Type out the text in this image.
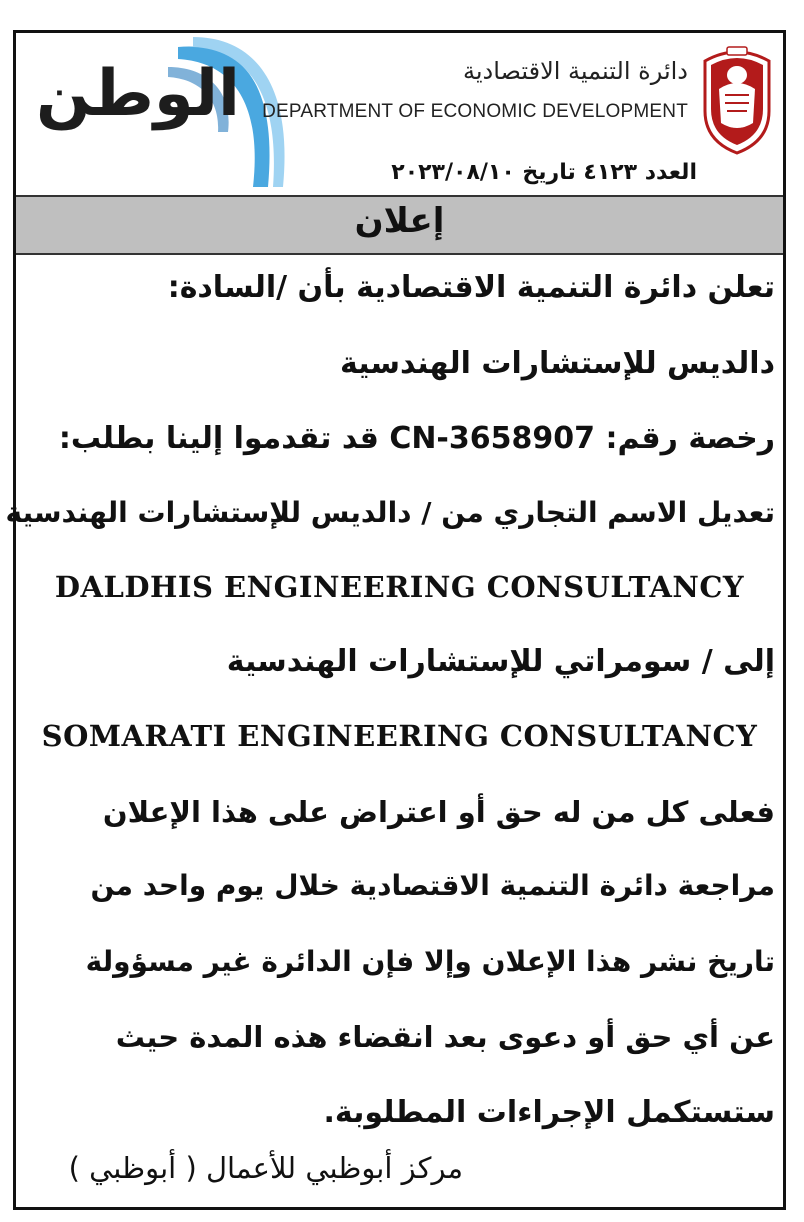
الوطن	دائرة التنمية الاقتصادية
DEPARTMENT OF ECONOMIC DEVELOPMENT
العدد ٤١٢٣ تاريخ ٢٠٢٣/٠٨/١٠
إعلان
تعلن دائرة التنمية الاقتصادية بأن /السادة:
دالديس للإستشارات الهندسية
رخصة رقم: CN-3658907 قد تقدموا إلينا بطلب:
تعديل الاسم التجاري من / دالديس للإستشارات الهندسية
DALDHIS ENGINEERING CONSULTANCY
إلى / سومراتي للإستشارات الهندسية
SOMARATI ENGINEERING CONSULTANCY
فعلى كل من له حق أو اعتراض على هذا الإعلان
مراجعة دائرة التنمية الاقتصادية خلال يوم واحد من
تاريخ نشر هذا الإعلان وإلا فإن الدائرة غير مسؤولة
عن أي حق أو دعوى بعد انقضاء هذه المدة حيث
ستستكمل الإجراءات المطلوبة.
مركز أبوظبي للأعمال ( أبوظبي )
